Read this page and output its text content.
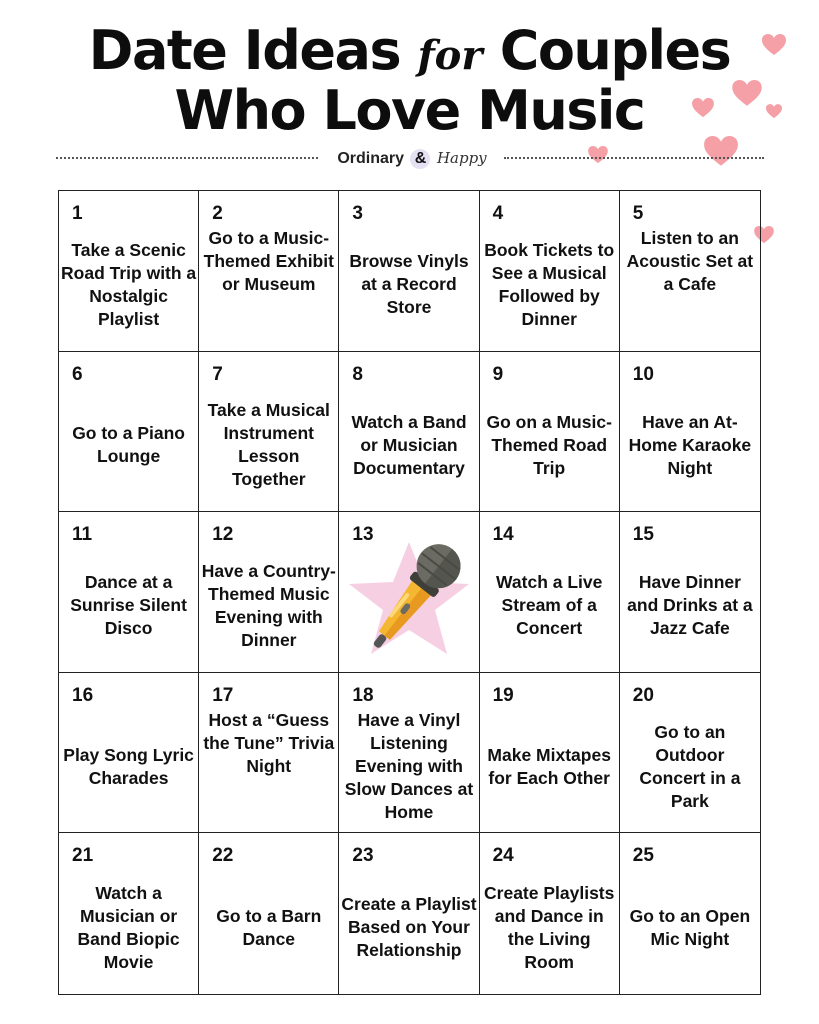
Date Ideas for Couples
Who Love Music
Ordinary & Happy
1
Take a Scenic Road Trip with a Nostalgic Playlist
2
Go to a Music-Themed Exhibit or Museum
3
Browse Vinyls at a Record Store
4
Book Tickets to See a Musical Followed by Dinner
5
Listen to an Acoustic Set at a Cafe
6
Go to a Piano Lounge
7
Take a Musical Instrument Lesson Together
8
Watch a Band or Musician Documentary
9
Go on a Music-Themed Road Trip
10
Have an At-Home Karaoke Night
11
Dance at a Sunrise Silent Disco
12
Have a Country-Themed Music Evening with Dinner
13	14
Watch a Live Stream of a Concert
15
Have Dinner and Drinks at a Jazz Cafe
16
Play Song Lyric Charades
17
Host a “Guess the Tune” Trivia Night
18
Have a Vinyl Listening Evening with Slow Dances at Home
19
Make Mixtapes for Each Other
20
Go to an Outdoor Concert in a Park
21
Watch a Musician or Band Biopic Movie
22
Go to a Barn Dance
23
Create a Playlist Based on Your Relationship
24
Create Playlists and Dance in the Living Room
25
Go to an Open Mic Night
